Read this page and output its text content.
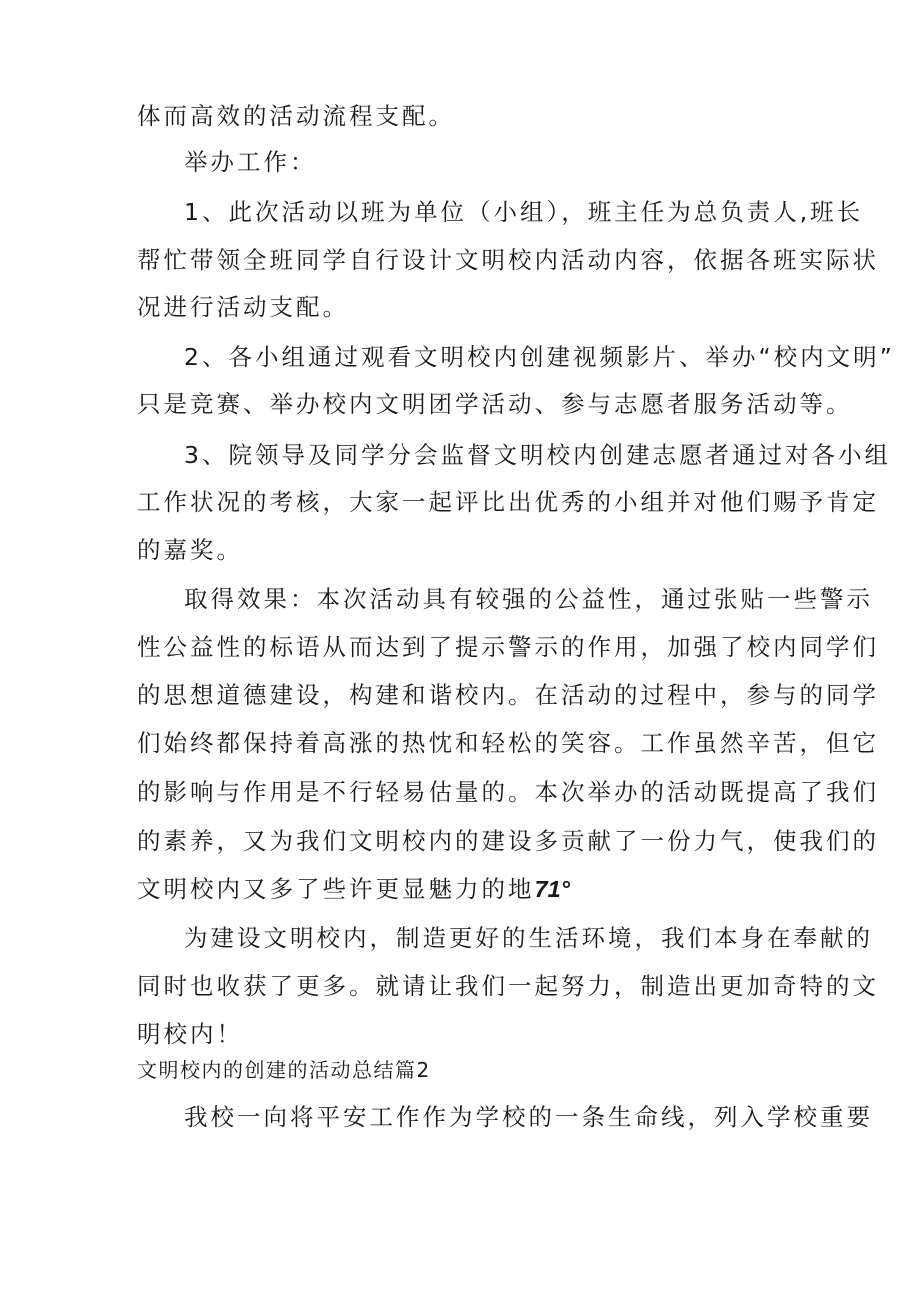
体而高效的活动流程支配。
举办工作：
1、此次活动以班为单位（小组），班主任为总负责人,班长
帮忙带领全班同学自行设计文明校内活动内容，依据各班实际状
况进行活动支配。
2、各小组通过观看文明校内创建视频影片、举办“校内文明”
只是竞赛、举办校内文明团学活动、参与志愿者服务活动等。
3、院领导及同学分会监督文明校内创建志愿者通过对各小组
工作状况的考核，大家一起评比出优秀的小组并对他们赐予肯定
的嘉奖。
取得效果：本次活动具有较强的公益性，通过张贴一些警示
性公益性的标语从而达到了提示警示的作用，加强了校内同学们
的思想道德建设，构建和谐校内。在活动的过程中，参与的同学
们始终都保持着高涨的热忱和轻松的笑容。工作虽然辛苦，但它
的影响与作用是不行轻易估量的。本次举办的活动既提高了我们
的素养，又为我们文明校内的建设多贡献了一份力气，使我们的
文明校内又多了些许更显魅力的地71°
为建设文明校内，制造更好的生活环境，我们本身在奉献的
同时也收获了更多。就请让我们一起努力，制造出更加奇特的文
明校内！
文明校内的创建的活动总结篇2
我校一向将平安工作作为学校的一条生命线，列入学校重要
